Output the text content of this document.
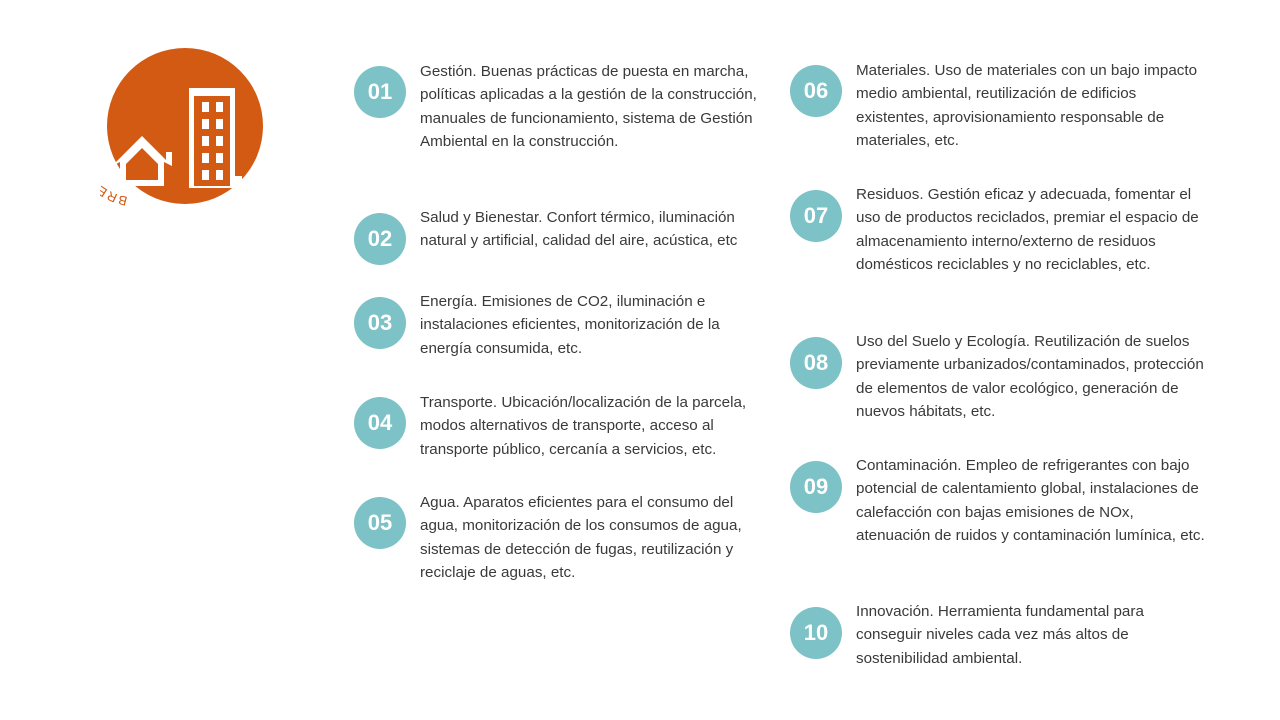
BR
01
Gestión. Buenas prácticas de puesta en marcha, políticas aplicadas a la gestión de la construcción, manuales de funcionamiento, sistema de Gestión Ambiental en la construcción.
02
Salud y Bienestar. Confort térmico, iluminación natural y artificial, calidad del aire, acústica, etc
03
Energía. Emisiones de CO2, iluminación e instalaciones eficientes, monitorización de la energía consumida, etc.
04
Transporte. Ubicación/localización de la parcela, modos alternativos de transporte, acceso al transporte público, cercanía a servicios, etc.
05
Agua. Aparatos eficientes para el consumo del agua, monitorización de los consumos de agua, sistemas de detección de fugas, reutilización y reciclaje de aguas, etc.
06
Materiales. Uso de materiales con un bajo impacto medio ambiental, reutilización de edificios existentes, aprovisionamiento responsable de materiales, etc.
07
Residuos. Gestión eficaz y adecuada, fomentar el uso de productos reciclados, premiar el espacio de almacenamiento interno/externo de residuos domésticos reciclables y no reciclables, etc.
08
Uso del Suelo y Ecología. Reutilización de suelos previamente urbanizados/contaminados, protección de elementos de valor ecológico, generación de nuevos hábitats, etc.
09
Contaminación. Empleo de refrigerantes con bajo potencial de calentamiento global, instalaciones de calefacción con bajas emisiones de NOx, atenuación de ruidos y contaminación lumínica, etc.
10
Innovación. Herramienta fundamental para conseguir niveles cada vez más altos de sostenibilidad ambiental.
